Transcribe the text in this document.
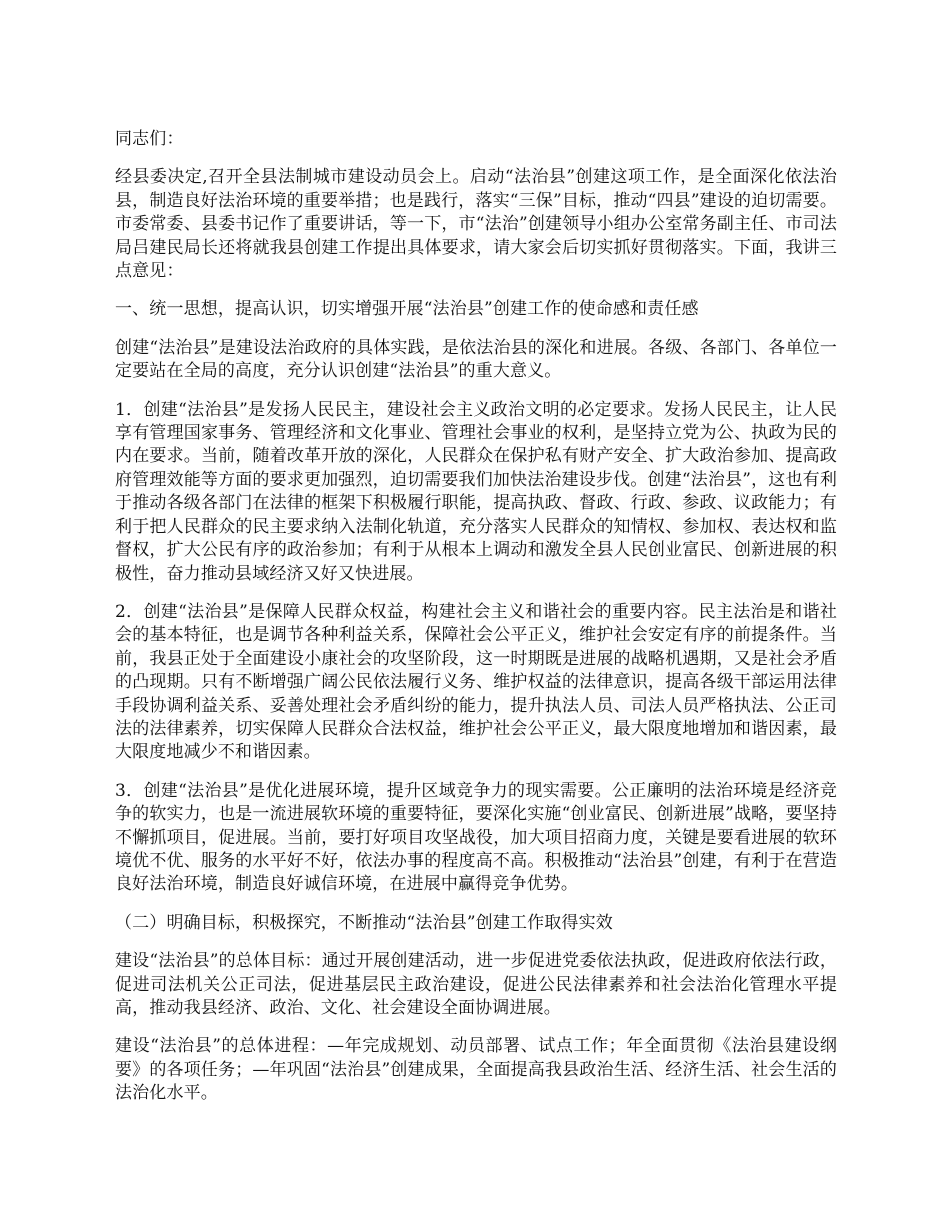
同志们：

经县委决定,召开全县法制城市建设动员会上。启动“法治县”创建这项工作，是全面深化依法治县，制造良好法治环境的重要举措；也是践行，落实“三保”目标，推动“四县”建设的迫切需要。市委常委、县委书记作了重要讲话，等一下，市“法治”创建领导小组办公室常务副主任、市司法局吕建民局长还将就我县创建工作提出具体要求，请大家会后切实抓好贯彻落实。下面，我讲三点意见：

一、统一思想，提高认识，切实增强开展“法治县”创建工作的使命感和责任感

创建“法治县”是建设法治政府的具体实践，是依法治县的深化和进展。各级、各部门、各单位一定要站在全局的高度，充分认识创建“法治县”的重大意义。

1．创建“法治县”是发扬人民民主，建设社会主义政治文明的必定要求。发扬人民民主，让人民享有管理国家事务、管理经济和文化事业、管理社会事业的权利，是坚持立党为公、执政为民的内在要求。当前，随着改革开放的深化，人民群众在保护私有财产安全、扩大政治参加、提高政府管理效能等方面的要求更加强烈，迫切需要我们加快法治建设步伐。创建“法治县”，这也有利于推动各级各部门在法律的框架下积极履行职能，提高执政、督政、行政、参政、议政能力；有利于把人民群众的民主要求纳入法制化轨道，充分落实人民群众的知情权、参加权、表达权和监督权，扩大公民有序的政治参加；有利于从根本上调动和激发全县人民创业富民、创新进展的积极性，奋力推动县域经济又好又快进展。

2．创建“法治县”是保障人民群众权益，构建社会主义和谐社会的重要内容。民主法治是和谐社会的基本特征，也是调节各种利益关系，保障社会公平正义，维护社会安定有序的前提条件。当前，我县正处于全面建设小康社会的攻坚阶段，这一时期既是进展的战略机遇期，又是社会矛盾的凸现期。只有不断增强广阔公民依法履行义务、维护权益的法律意识，提高各级干部运用法律手段协调利益关系、妥善处理社会矛盾纠纷的能力，提升执法人员、司法人员严格执法、公正司法的法律素养，切实保障人民群众合法权益，维护社会公平正义，最大限度地增加和谐因素，最大限度地减少不和谐因素。

3．创建“法治县”是优化进展环境，提升区域竞争力的现实需要。公正廉明的法治环境是经济竞争的软实力，也是一流进展软环境的重要特征，要深化实施“创业富民、创新进展”战略，要坚持不懈抓项目，促进展。当前，要打好项目攻坚战役，加大项目招商力度，关键是要看进展的软环境优不优、服务的水平好不好，依法办事的程度高不高。积极推动“法治县”创建，有利于在营造良好法治环境，制造良好诚信环境，在进展中赢得竞争优势。

（二）明确目标，积极探究，不断推动“法治县”创建工作取得实效

建设“法治县”的总体目标：通过开展创建活动，进一步促进党委依法执政，促进政府依法行政，促进司法机关公正司法，促进基层民主政治建设，促进公民法律素养和社会法治化管理水平提高，推动我县经济、政治、文化、社会建设全面协调进展。

建设“法治县”的总体进程：—年完成规划、动员部署、试点工作；年全面贯彻《法治县建设纲要》的各项任务；—年巩固“法治县”创建成果，全面提高我县政治生活、经济生活、社会生活的法治化水平。
